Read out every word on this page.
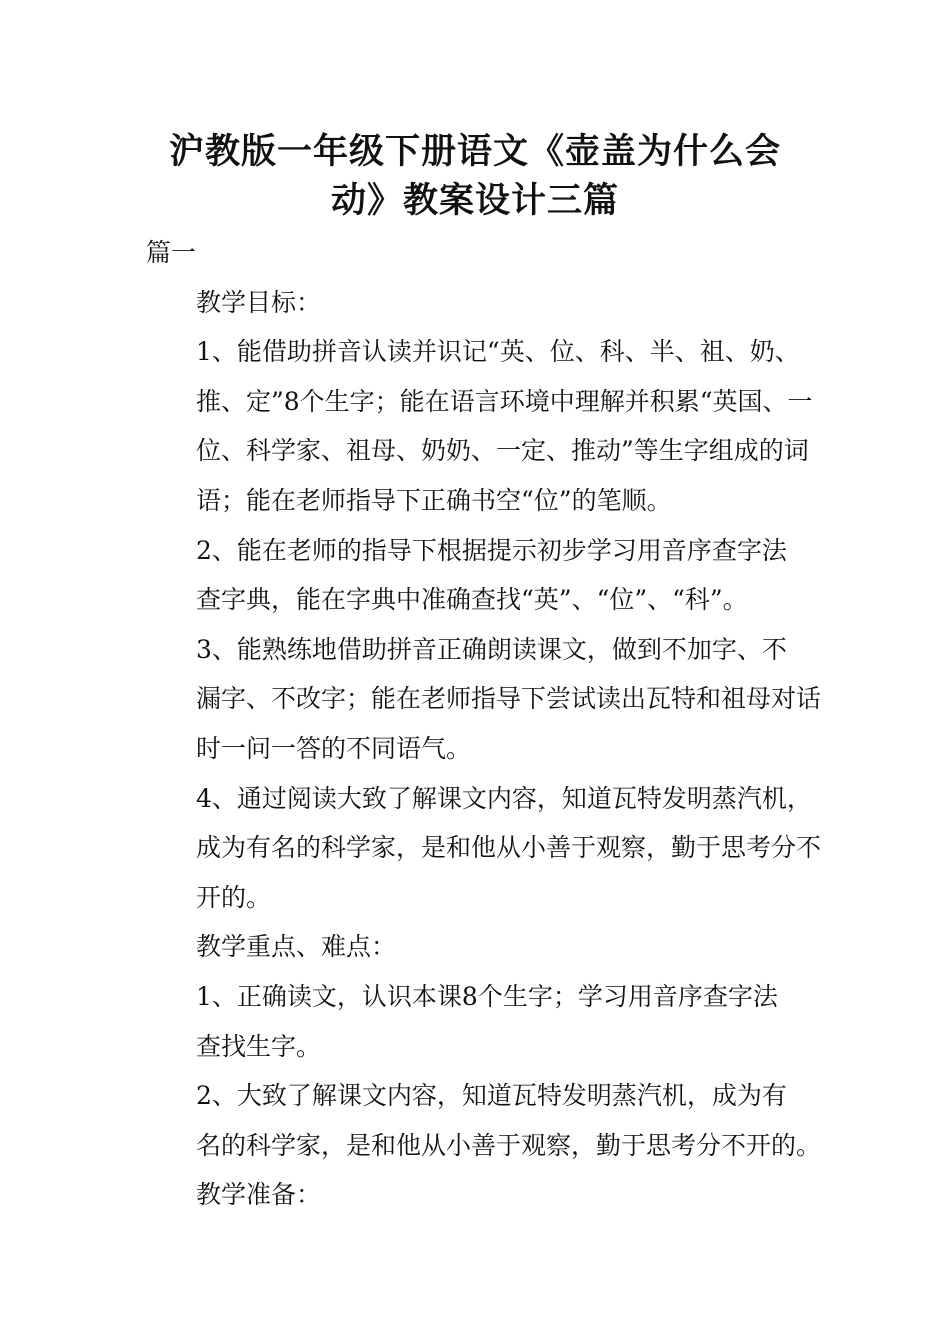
沪教版一年级下册语文《壶盖为什么会
动》教案设计三篇

篇一

教学目标：

1、能借助拼音认读并识记“英、位、科、半、祖、奶、
推、定”8个生字；能在语言环境中理解并积累“英国、一
位、科学家、祖母、奶奶、一定、推动”等生字组成的词
语；能在老师指导下正确书空“位”的笔顺。

2、能在老师的指导下根据提示初步学习用音序查字法
查字典，能在字典中准确查找“英”、“位”、“科”。

3、能熟练地借助拼音正确朗读课文，做到不加字、不
漏字、不改字；能在老师指导下尝试读出瓦特和祖母对话
时一问一答的不同语气。

4、通过阅读大致了解课文内容，知道瓦特发明蒸汽机，
成为有名的科学家，是和他从小善于观察，勤于思考分不
开的。

教学重点、难点：

1、正确读文，认识本课8个生字；学习用音序查字法
查找生字。

2、大致了解课文内容，知道瓦特发明蒸汽机，成为有
名的科学家，是和他从小善于观察，勤于思考分不开的。

教学准备：
